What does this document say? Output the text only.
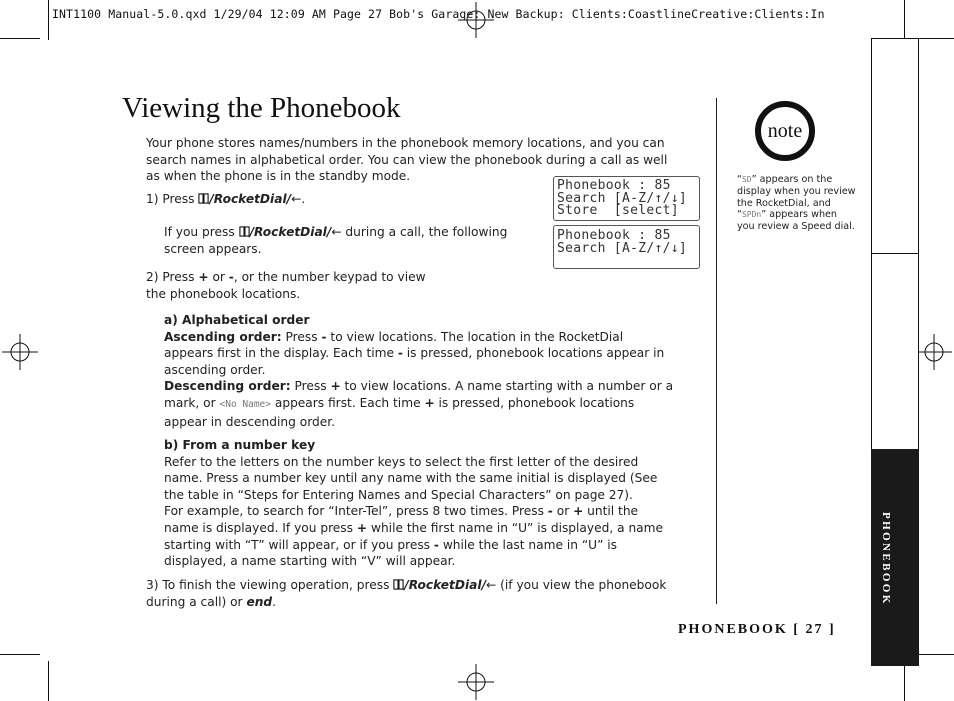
INT1100 Manual-5.0.qxd 1/29/04 12:09 AM Page 27 Bob's Garage: New Backup: Clients:CoastlineCreative:Clients:In
Viewing the Phonebook
Your phone stores names/numbers in the phonebook memory locations, and you can search names in alphabetical order. You can view the phonebook during a call as well as when the phone is in the standby mode.
1) Press /RocketDial/←.
If you press /RocketDial/← during a call, the following screen appears.
Phonebook : 85
Search [A-Z/↑/↓]
Store  [select]
Phonebook : 85
Search [A-Z/↑/↓]
2) Press + or -, or the number keypad to view the phonebook locations.
a) Alphabetical order
Ascending order: Press - to view locations. The location in the RocketDial appears first in the display. Each time - is pressed, phonebook locations appear in ascending order.
Descending order: Press + to view locations. A name starting with a number or a mark, or <No Name> appears first. Each time + is pressed, phonebook locations appear in descending order.
b) From a number key
Refer to the letters on the number keys to select the first letter of the desired name. Press a number key until any name with the same initial is displayed (See the table in “Steps for Entering Names and Special Characters” on page 27).
For example, to search for “Inter-Tel”, press 8 two times. Press - or + until the name is displayed. If you press + while the first name in “U” is displayed, a name starting with “T” will appear, or if you press - while the last name in “U” is displayed, a name starting with “V” will appear.
3) To finish the viewing operation, press /RocketDial/← (if you view the phonebook during a call) or end.
note
“SD” appears on the display when you review the RocketDial, and “SPDn” appears when you review a Speed dial.
PHONEBOOK
PHONEBOOK [ 27 ]
